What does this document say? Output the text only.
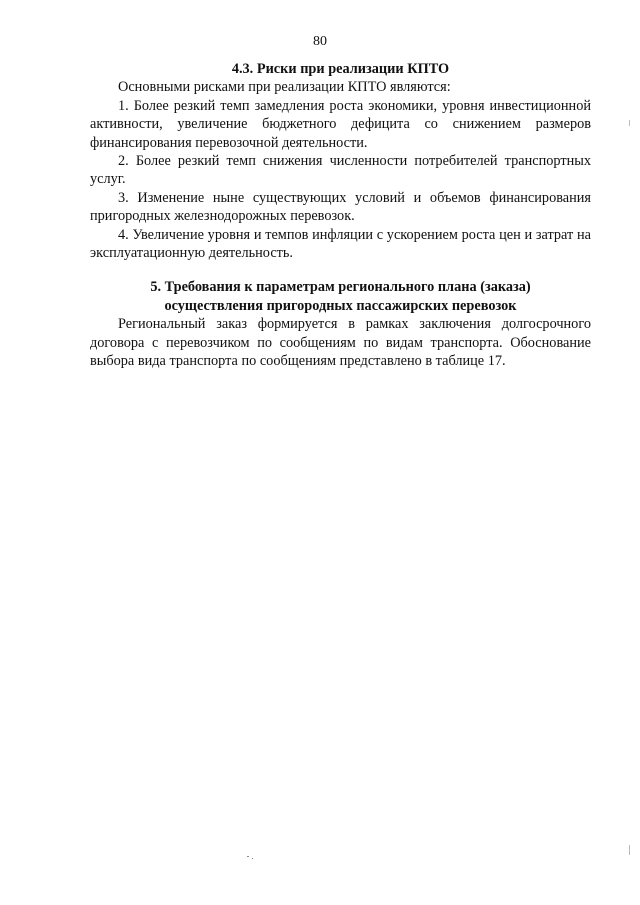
80

4.3. Риски при реализации КПТО

Основными рисками при реализации КПТО являются:

1. Более резкий темп замедления роста экономики, уровня инвестиционной активности, увеличение бюджетного дефицита со снижением размеров финансирования перевозочной деятельности.

2. Более резкий темп снижения численности потребителей транспортных услуг.

3. Изменение ныне существующих условий и объемов финансирования пригородных железнодорожных перевозок.

4. Увеличение уровня и темпов инфляции с ускорением роста цен и затрат на эксплуатационную деятельность.

5. Требования к параметрам регионального плана (заказа)

осуществления пригородных пассажирских перевозок

Региональный заказ формируется в рамках заключения долгосрочного договора с перевозчиком по сообщениям по видам транспорта. Обоснование выбора вида транспорта по сообщениям представлено в таблице 17.
